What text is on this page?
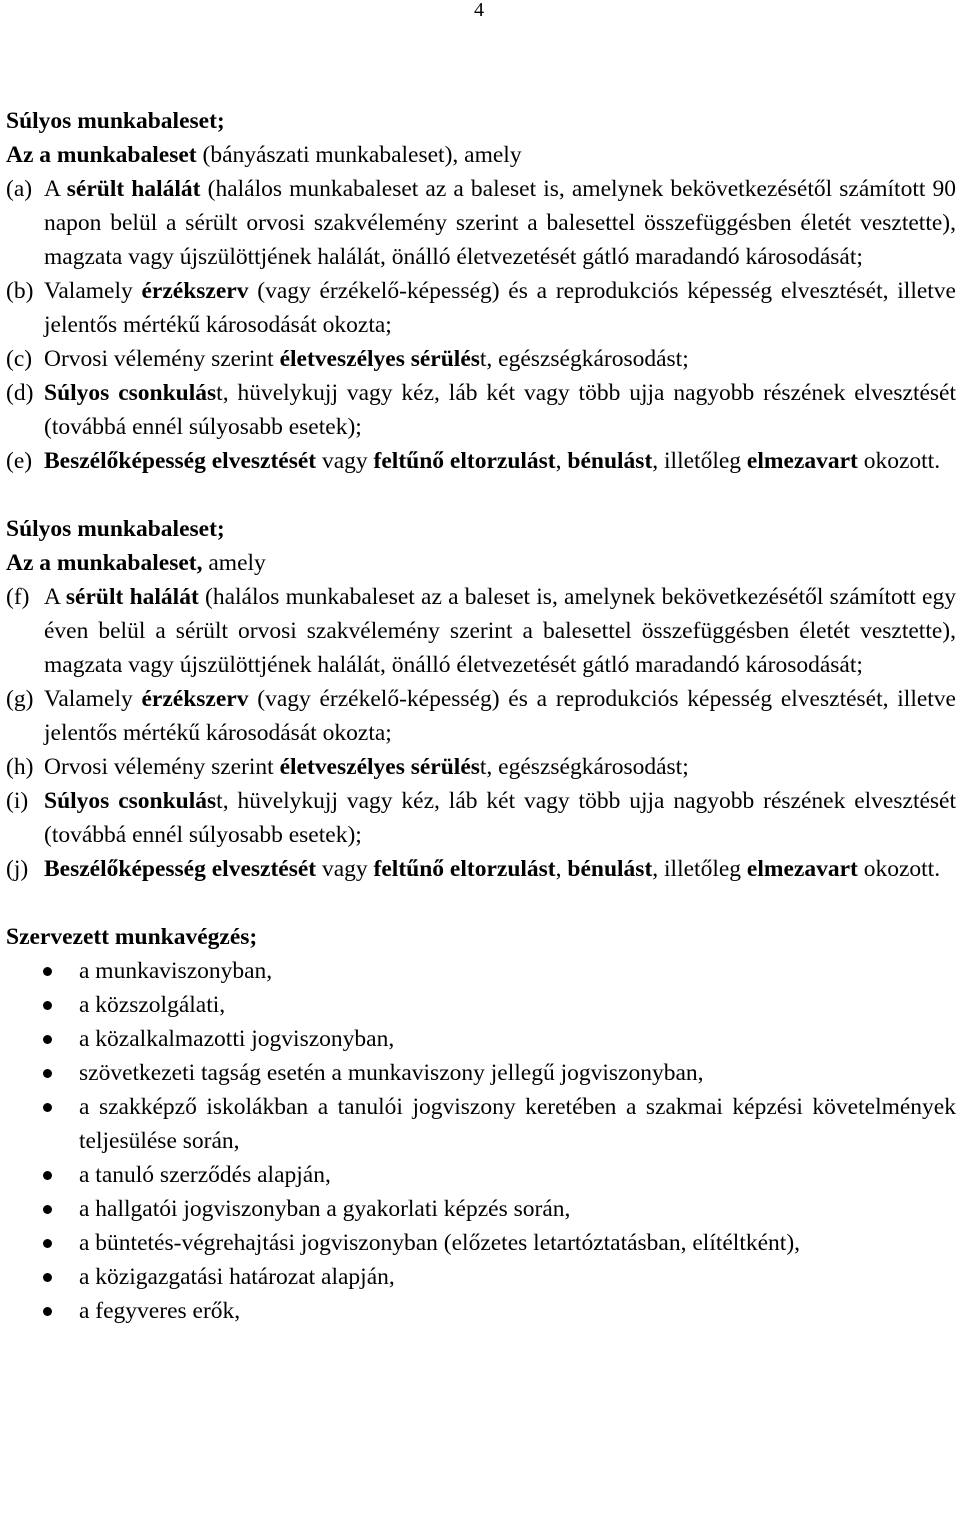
4
Súlyos munkabaleset;
Az a munkabaleset (bányászati munkabaleset), amely
(a) A sérült halálát (halálos munkabaleset az a baleset is, amelynek bekövetkezésétől számított 90 napon belül a sérült orvosi szakvélemény szerint a balesettel összefüggésben életét vesztette), magzata vagy újszülöttjének halálát, önálló életvezetését gátló maradandó károsodását;
(b) Valamely érzékszerv (vagy érzékelő-képesség) és a reprodukciós képesség elvesztését, illetve jelentős mértékű károsodását okozta;
(c) Orvosi vélemény szerint életveszélyes sérülést, egészségkárosodást;
(d) Súlyos csonkulást, hüvelykujj vagy kéz, láb két vagy több ujja nagyobb részének elvesztését (továbbá ennél súlyosabb esetek);
(e) Beszélőképesség elvesztését vagy feltűnő eltorzulást, bénulást, illetőleg elmezavart okozott.
Súlyos munkabaleset;
Az a munkabaleset, amely
(f) A sérült halálát (halálos munkabaleset az a baleset is, amelynek bekövetkezésétől számított egy éven belül a sérült orvosi szakvélemény szerint a balesettel összefüggésben életét vesztette), magzata vagy újszülöttjének halálát, önálló életvezetését gátló maradandó károsodását;
(g) Valamely érzékszerv (vagy érzékelő-képesség) és a reprodukciós képesség elvesztését, illetve jelentős mértékű károsodását okozta;
(h) Orvosi vélemény szerint életveszélyes sérülést, egészségkárosodást;
(i) Súlyos csonkulást, hüvelykujj vagy kéz, láb két vagy több ujja nagyobb részének elvesztését (továbbá ennél súlyosabb esetek);
(j) Beszélőképesség elvesztését vagy feltűnő eltorzulást, bénulást, illetőleg elmezavart okozott.
Szervezett munkavégzés;
a munkaviszonyban,
a közszolgálati,
a közalkalmazotti jogviszonyban,
szövetkezeti tagság esetén a munkaviszony jellegű jogviszonyban,
a szakképző iskolákban a tanulói jogviszony keretében a szakmai képzési követelmények teljesülése során,
a tanuló szerződés alapján,
a hallgatói jogviszonyban a gyakorlati képzés során,
a büntetés-végrehajtási jogviszonyban (előzetes letartóztatásban, elítéltként),
a közigazgatási határozat alapján,
a fegyveres erők,
